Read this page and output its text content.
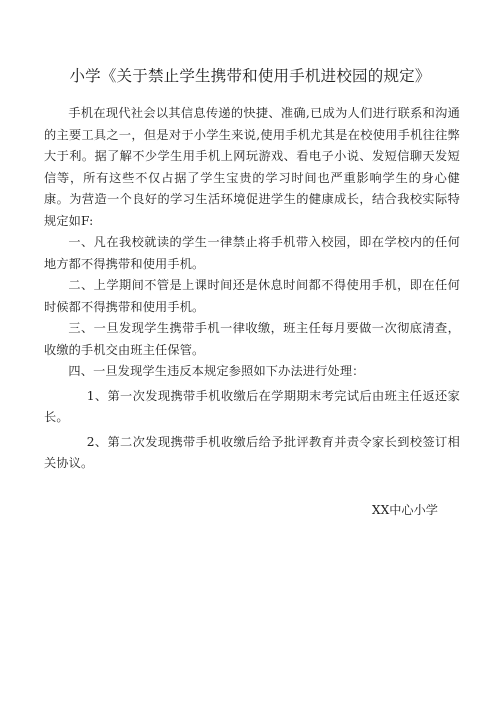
小学《关于禁止学生携带和使用手机进校园的规定》

手机在现代社会以其信息传递的快捷、准确,已成为人们进行联系和沟通的主要工具之一，但是对于小学生来说,使用手机尤其是在校使用手机往往弊大于利。据了解不少学生用手机上网玩游戏、看电子小说、发短信聊天发短信等，所有这些不仅占据了学生宝贵的学习时间也严重影响学生的身心健康。为营造一个良好的学习生活环境促进学生的健康成长，结合我校实际特规定如F:

一、凡在我校就读的学生一律禁止将手机带入校园，即在学校内的任何地方都不得携带和使用手机。

二、上学期间不管是上课时间还是休息时间都不得使用手机，即在任何时候都不得携带和使用手机。

三、一旦发现学生携带手机一律收缴，班主任每月要做一次彻底清查，收缴的手机交由班主任保管。

四、一旦发现学生违反本规定参照如下办法进行处理：

1、第一次发现携带手机收缴后在学期期末考完试后由班主任返还家长。

2、第二次发现携带手机收缴后给予批评教育并责令家长到校签订相关协议。

XX中心小学
